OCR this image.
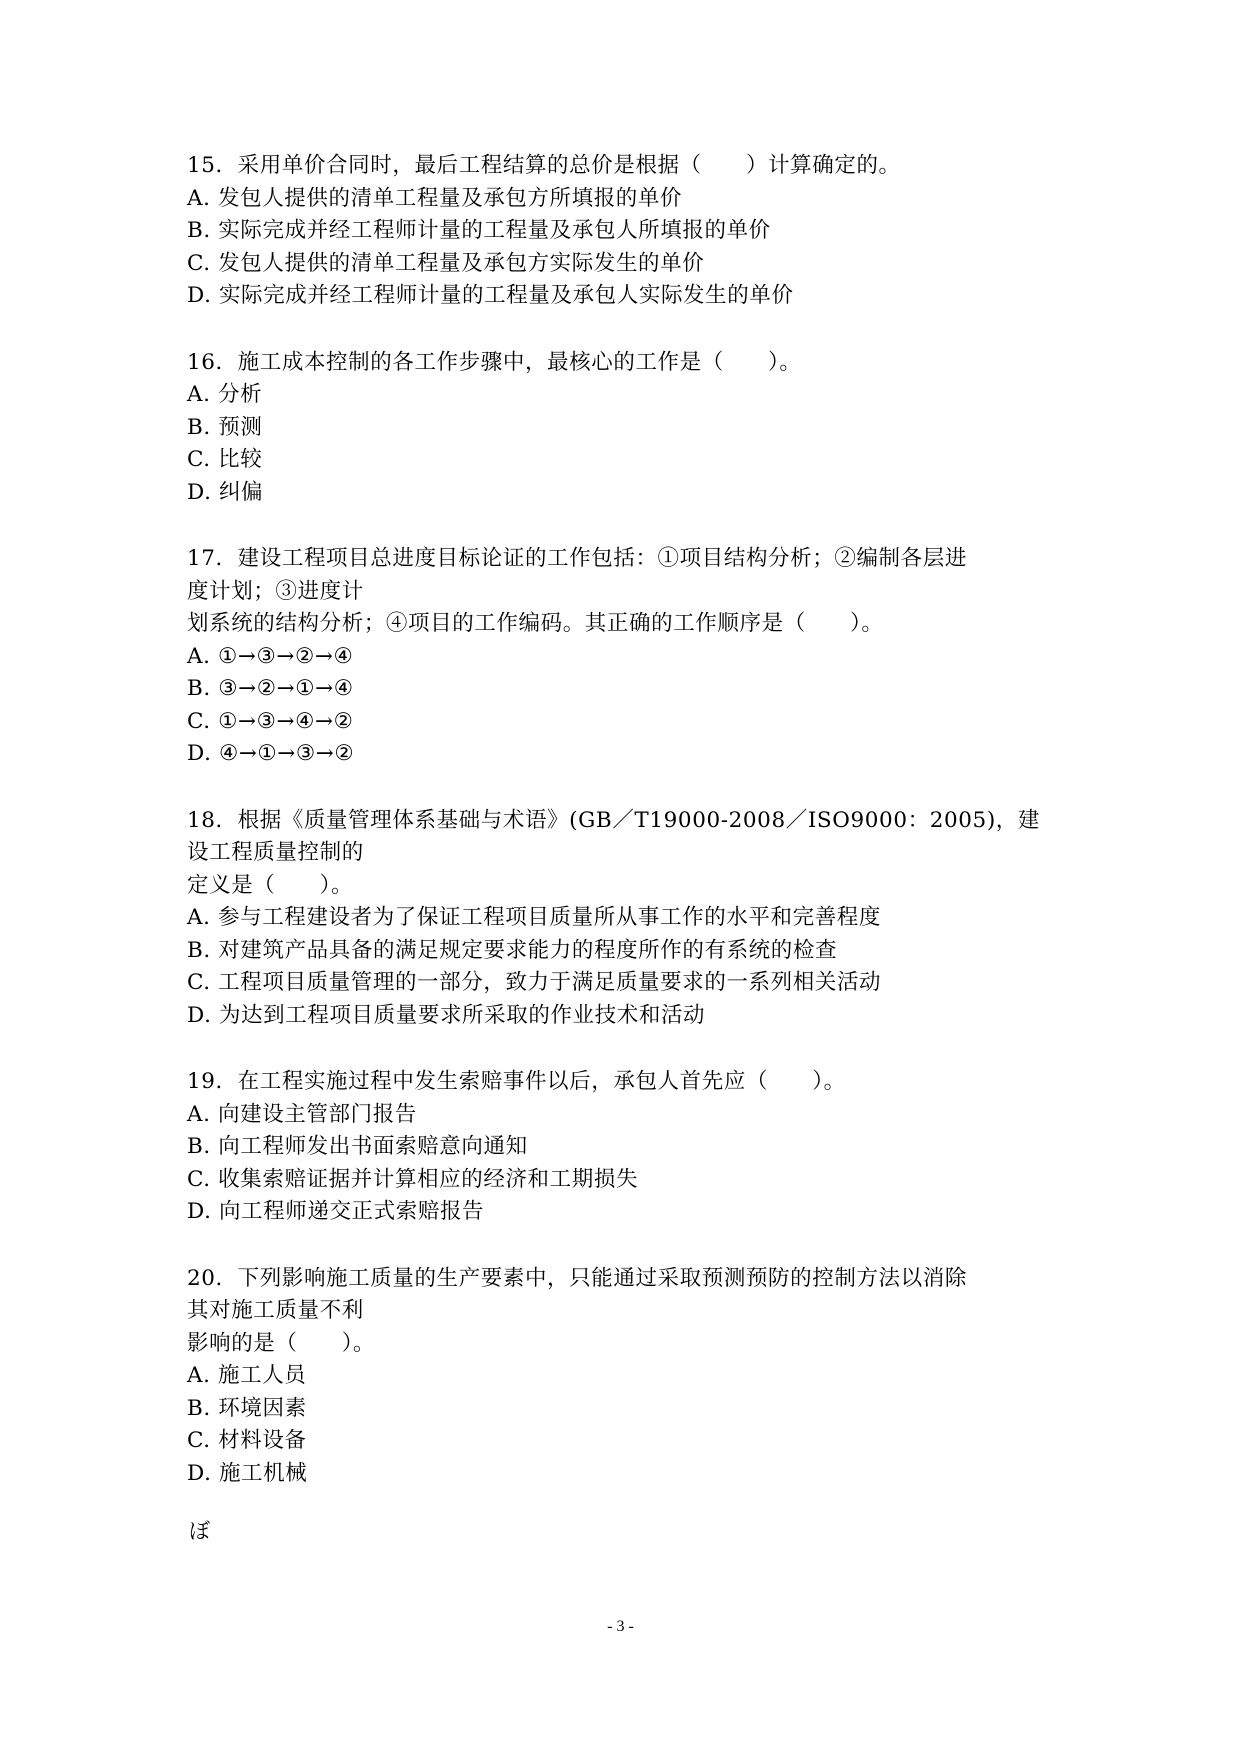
15．采用单价合同时，最后工程结算的总价是根据（　　）计算确定的。
A. 发包人提供的清单工程量及承包方所填报的单价
B. 实际完成并经工程师计量的工程量及承包人所填报的单价
C. 发包人提供的清单工程量及承包方实际发生的单价
D. 实际完成并经工程师计量的工程量及承包人实际发生的单价
16．施工成本控制的各工作步骤中，最核心的工作是（　　）。
A. 分析
B. 预测
C. 比较
D. 纠偏
17．建设工程项目总进度目标论证的工作包括：①项目结构分析；②编制各层进
度计划；③进度计
划系统的结构分析；④项目的工作编码。其正确的工作顺序是（　　）。
A. ①→③→②→④
B. ③→②→①→④
C. ①→③→④→②
D. ④→①→③→②
18．根据《质量管理体系基础与术语》(GB／T19000-2008／ISO9000：2005)，建
设工程质量控制的
定义是（　　）。
A. 参与工程建设者为了保证工程项目质量所从事工作的水平和完善程度
B. 对建筑产品具备的满足规定要求能力的程度所作的有系统的检查
C. 工程项目质量管理的一部分，致力于满足质量要求的一系列相关活动
D. 为达到工程项目质量要求所采取的作业技术和活动
19．在工程实施过程中发生索赔事件以后，承包人首先应（　　）。
A. 向建设主管部门报告
B. 向工程师发出书面索赔意向通知
C. 收集索赔证据并计算相应的经济和工期损失
D. 向工程师递交正式索赔报告
20．下列影响施工质量的生产要素中，只能通过采取预测预防的控制方法以消除
其对施工质量不利
影响的是（　　）。
A. 施工人员
B. 环境因素
C. 材料设备
D. 施工机械
ぼ
- 3 -
